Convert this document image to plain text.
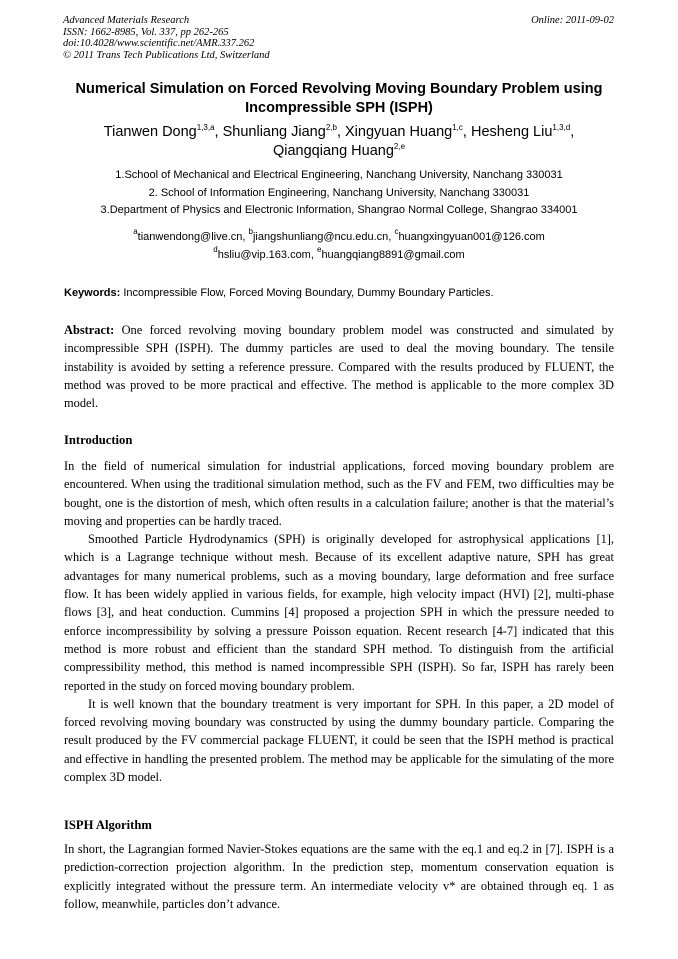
Advanced Materials Research
ISSN: 1662-8985, Vol. 337, pp 262-265
doi:10.4028/www.scientific.net/AMR.337.262
© 2011 Trans Tech Publications Ltd, Switzerland
Online: 2011-09-02
Numerical Simulation on Forced Revolving Moving Boundary Problem using Incompressible SPH (ISPH)
Tianwen Dong$^{1,3,a}$, Shunliang Jiang$^{2,b}$, Xingyuan Huang$^{1,c}$, Hesheng Liu$^{1,3,d}$,
Qiangqiang Huang$^{2,e}$
1.School of Mechanical and Electrical Engineering, Nanchang University, Nanchang 330031
2. School of Information Engineering, Nanchang University, Nanchang 330031
3.Department of Physics and Electronic Information, Shangrao Normal College, Shangrao 334001
$^a$tianwendong@live.cn, $^b$jiangshunliang@ncu.edu.cn, $^c$huangxingyuan001@126.com
$^d$hsliu@vip.163.com, $^e$huangqiang8891@gmail.com
Keywords: Incompressible Flow, Forced Moving Boundary, Dummy Boundary Particles.
Abstract: One forced revolving moving boundary problem model was constructed and simulated by incompressible SPH (ISPH). The dummy particles are used to deal the moving boundary. The tensile instability is avoided by setting a reference pressure. Compared with the results produced by FLUENT, the method was proved to be more practical and effective. The method is applicable to the more complex 3D model.
Introduction

In the field of numerical simulation for industrial applications, forced moving boundary problem are encountered. When using the traditional simulation method, such as the FV and FEM, two difficulties may be bought, one is the distortion of mesh, which often results in a calculation failure; another is that the material’s moving and properties can be hardly traced.

Smoothed Particle Hydrodynamics (SPH) is originally developed for astrophysical applications [1], which is a Lagrange technique without mesh. Because of its excellent adaptive nature, SPH has great advantages for many numerical problems, such as a moving boundary, large deformation and free surface flow. It has been widely applied in various fields, for example, high velocity impact (HVI) [2], multi-phase flows [3], and heat conduction. Cummins [4] proposed a projection SPH in which the pressure needed to enforce incompressibility by solving a pressure Poisson equation. Recent research [4-7] indicated that this method is more robust and efficient than the standard SPH method. To distinguish from the artificial compressibility method, this method is named incompressible SPH (ISPH). So far, ISPH has rarely been reported in the study on forced moving boundary problem.

It is well known that the boundary treatment is very important for SPH. In this paper, a 2D model of forced revolving moving boundary was constructed by using the dummy boundary particle. Comparing the result produced by the FV commercial package FLUENT, it could be seen that the ISPH method is practical and effective in handling the presented problem. The method may be applicable for the simulating of the more complex 3D model.

ISPH Algorithm
In short, the Lagrangian formed Navier-Stokes equations are the same with the eq.1 and eq.2 in [7]. ISPH is a prediction-correction projection algorithm. In the prediction step, momentum conservation equation is explicitly integrated without the pressure term. An intermediate velocity v* are obtained through eq. 1 as follow, meanwhile, particles don’t advance.
